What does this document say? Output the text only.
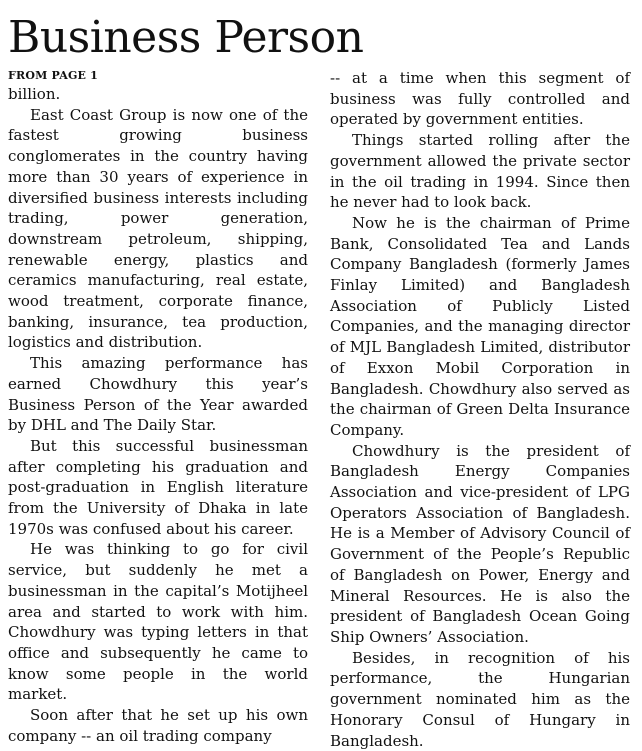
Business Person
FROM PAGE 1

billion.

East Coast Group is now one of the fastest growing business conglomerates in the country having more than 30 years of experience in diversified business interests including trading, power generation, downstream petroleum, shipping, renewable energy, plastics and ceramics manufacturing, real estate, wood treatment, corporate finance, banking, insurance, tea production, logistics and distribution.

This amazing performance has earned Chowdhury this year’s Business Person of the Year awarded by DHL and The Daily Star.

But this successful businessman after completing his graduation and post-graduation in English literature from the University of Dhaka in late 1970s was confused about his career.

He was thinking to go for civil service, but suddenly he met a businessman in the capital’s Motijheel area and started to work with him. Chowdhury was typing letters in that office and subsequently he came to know some people in the world market.

Soon after that he set up his own company -- an oil trading company

-- at a time when this segment of business was fully controlled and operated by government entities.

Things started rolling after the government allowed the private sector in the oil trading in 1994. Since then he never had to look back.

Now he is the chairman of Prime Bank, Consolidated Tea and Lands Company Bangladesh (formerly James Finlay Limited) and Bangladesh Association of Publicly Listed Companies, and the managing director of MJL Bangladesh Limited, distributor of Exxon Mobil Corporation in Bangladesh. Chowdhury also served as the chairman of Green Delta Insurance Company.

Chowdhury is the president of Bangladesh Energy Companies Association and vice-president of LPG Operators Association of Bangladesh. He is a Member of Advisory Council of Government of the People’s Republic of Bangladesh on Power, Energy and Mineral Resources. He is also the president of Bangladesh Ocean Going Ship Owners’ Association.

Besides, in recognition of his performance, the Hungarian government nominated him as the Honorary Consul of Hungary in Bangladesh.
